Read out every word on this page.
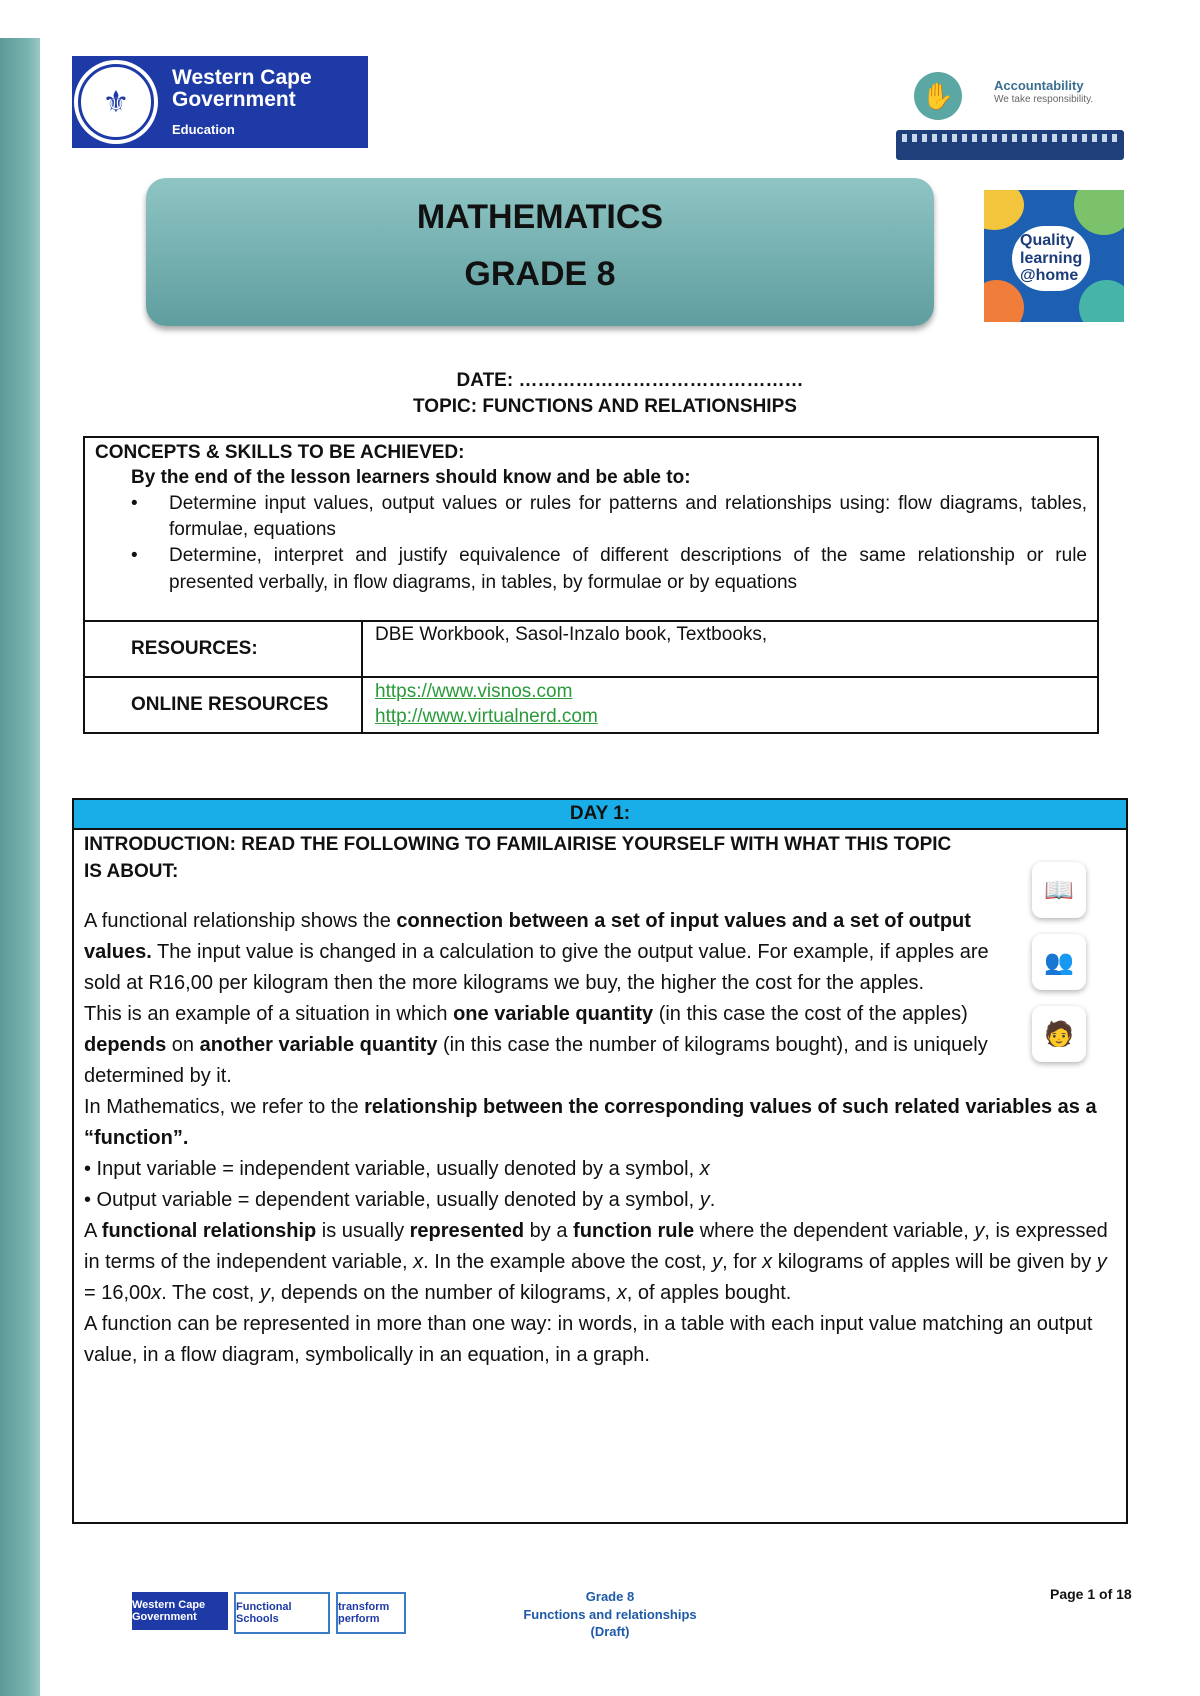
⚜
Western Cape
Government
Education
✋	Accountability
We take responsibility.
MATHEMATICS
GRADE 8
Quality
learning
@home
DATE: ………………………………………
TOPIC: FUNCTIONS AND RELATIONSHIPS
CONCEPTS & SKILLS TO BE ACHIEVED:
By the end of the lesson learners should know and be able to:
• Determine input values, output values or rules for patterns and relationships using: flow diagrams, tables, formulae, equations
• Determine, interpret and justify equivalence of different descriptions of the same relationship or rule presented verbally, in flow diagrams, in tables, by formulae or by equations
RESOURCES:
DBE Workbook, Sasol-Inzalo book, Textbooks,
ONLINE RESOURCES
https://www.visnos.com
http://www.virtualnerd.com
DAY 1:
INTRODUCTION: READ THE FOLLOWING TO FAMILAIRISE YOURSELF WITH WHAT THIS TOPIC IS ABOUT:

A functional relationship shows the connection between a set of input values and a set of output values. The input value is changed in a calculation to give the output value. For example, if apples are sold at R16,00 per kilogram then the more kilograms we buy, the higher the cost for the apples.

This is an example of a situation in which one variable quantity (in this case the cost of the apples) depends on another variable quantity (in this case the number of kilograms bought), and is uniquely determined by it.

In Mathematics, we refer to the relationship between the corresponding values of such related variables as a “function”.

• Input variable = independent variable, usually denoted by a symbol, x

• Output variable = dependent variable, usually denoted by a symbol, y.

A functional relationship is usually represented by a function rule where the dependent variable, y, is expressed in terms of the independent variable, x. In the example above the cost, y, for x kilograms of apples will be given by y = 16,00x. The cost, y, depends on the number of kilograms, x, of apples bought.

A function can be represented in more than one way: in words, in a table with each input value matching an output value, in a flow diagram, symbolically in an equation, in a graph.

📖
👥
🧑
Western Cape Government
Functional Schools
transform perform
Grade 8
Functions and relationships
(Draft)
Page 1 of 18
